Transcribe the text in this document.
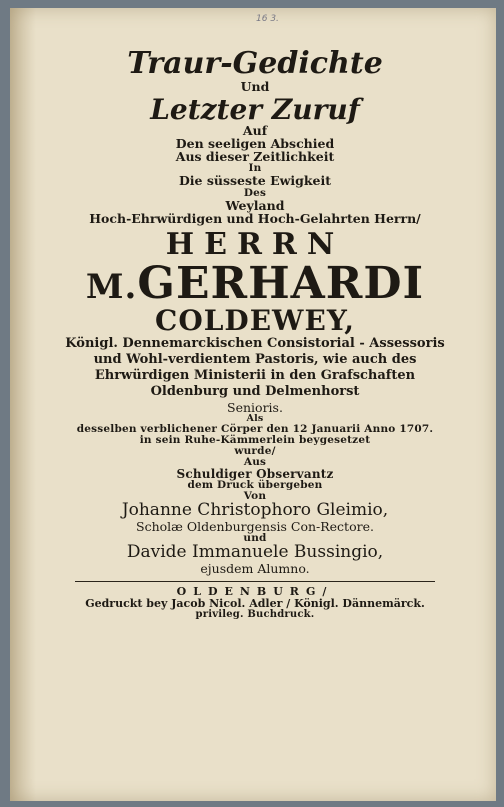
16 3.
Traur-Gedichte
Und
Letzter Zuruf
Auf
Den seeligen Abschied
Aus dieser Zeitlichkeit
In
Die süsseste Ewigkeit
Des
Weyland
Hoch-Ehrwürdigen und Hoch-Gelahrten Herrn/
HERRN
M.GERHARDI
COLDEWEY,
Königl. Dennemarckischen Consistorial - Assessoris
und Wohl-verdientem Pastoris, wie auch des
Ehrwürdigen Ministerii in den Grafschaften
Oldenburg und Delmenhorst
Senioris.
Als
desselben verblichener Cörper den 12 Januarii Anno 1707.
in sein Ruhe-Kämmerlein beygesetzet
wurde/
Aus
Schuldiger Observantz
dem Druck übergeben
Von
Johanne Christophoro Gleimio,
Scholæ Oldenburgensis Con-Rectore.
und
Davide Immanuele Bussingio,
ejusdem Alumno.
OLDENBURG/
Gedruckt bey Jacob Nicol. Adler / Königl. Dännemärck.
privileg. Buchdruck.
